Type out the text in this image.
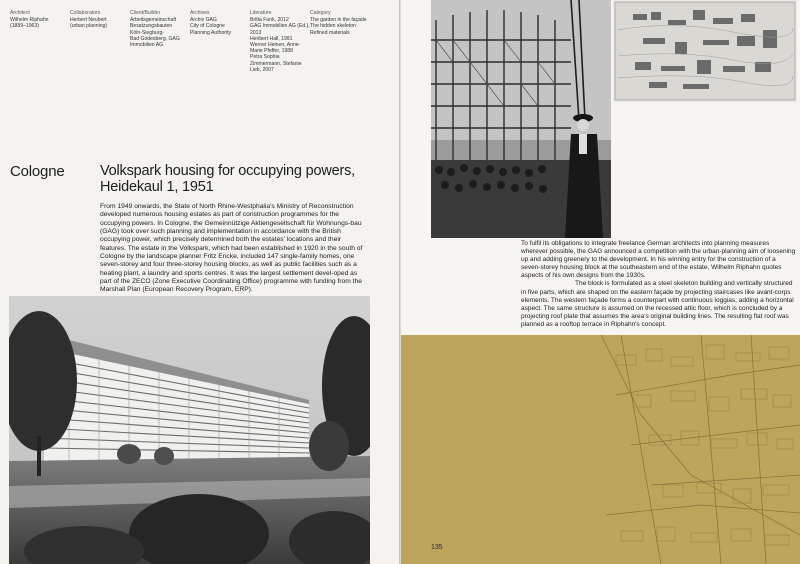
Architect
Wilhelm Riphahn
(1889–1963)
Collaborators
Herbert Neubert
(urban planning)
Client/Builder
Arbeitsgemeinschaft
Besatzungsbauten
Köln-Siegburg-
Bad Godesberg, GAG
Immobilien AG
Archives
Archiv GAG
City of Cologne
Planning Authority
Literature
Britta Funk, 2012
GAG Immobilien AG (Ed.),
2013
Heribert Hall, 1991
Werner Heinen, Anne-
Marie Pfeffer, 1988
Petra Sophia
Zimmermann, Stefanie
Lieb, 2007
Category
The garden in the façade
The hidden skeleton
Refined materials
Cologne Volkspark housing for occupying powers, Heidekaul 1, 1951
From 1949 onwards, the State of North Rhine-Westphalia's Ministry of Reconstruction developed numerous housing estates as part of construction programmes for the occupying powers. In Cologne, the Gemeinnützige Aktiengesellschaft für Wohnungs-bau (GAG) took over such planning and implementation in accordance with the British occupying power, which precisely determined both the estates' locations and their features. The estate in the Volkspark, which had been established in 1920 in the south of Cologne by the landscape planner Fritz Encke, included 147 single-family homes, one seven-storey and four three-storey housing blocks, as well as public facilities such as a heating plant, a laundry and sports centres. It was the largest settlement devel-oped as part of the ZECO (Zone Executive Coordinating Office) programme with funding from the Marshall Plan (European Recovery Program, ERP).

To fulfil its obligations to integrate freelance German architects into planning measures wherever possible, the GAG announced a competition with the urban-planning aim of loosening up and adding greenery to the development. In his winning entry for the construction of a seven-storey housing block at the southeastern end of the estate, Wilhelm Riphahn quotes aspects of his own designs from the 1930s.

The block is formulated as a steel skeleton building and vertically structured in five parts, which are shaped on the eastern façade by projecting staircases like avant-corps elements. The western façade forms a counterpart with continuous loggias, adding a horizontal aspect. The same structure is assumed on the recessed attic floor, which is concluded by a projecting roof plate that assumes the area's original building lines. The resulting flat roof was planned as a rooftop terrace in Riphahn's concept.

135
